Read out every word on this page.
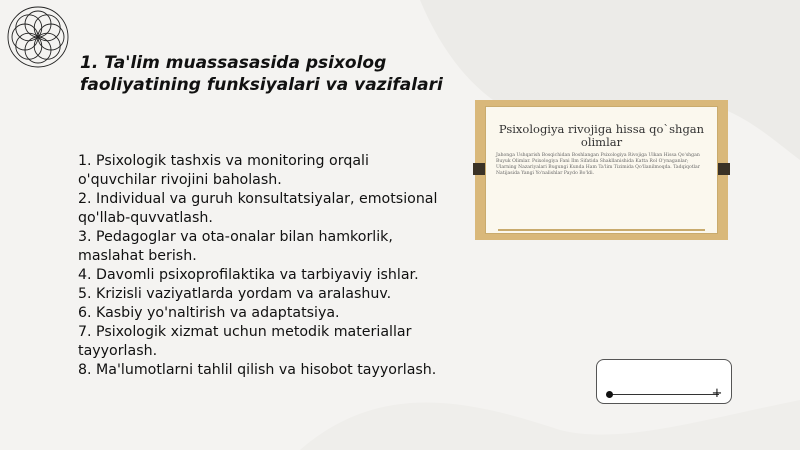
1. Ta'lim muassasasida psixolog faoliyatining funksiyalari va vazifalari
1. Psixologik tashxis va monitoring orqali o'quvchilar rivojini baholash.
2. Individual va guruh konsultatsiyalar, emotsional qo'llab-quvvatlash.
3. Pedagoglar va ota-onalar bilan hamkorlik, maslahat berish.
4. Davomli psixoprofilaktika va tarbiyaviy ishlar.
5. Krizisli vaziyatlarda yordam va aralashuv.
6. Kasbiy yo'naltirish va adaptatsiya.
7. Psixologik xizmat uchun metodik materiallar tayyorlash.
8. Ma'lumotlarni tahlil qilish va hisobot tayyorlash.
Psixologiya rivojiga hissa qo`shgan olimlar
Jahonga Ushqarish Bosqichidan Boshlangan Psixologiya Rivojiga Ulkan Hissa Qo'shgan Buyuk Olimlar. Psixologiya Fani Ilm Sifatida Shakllanishida Katta Rol O'ynaganlar; Ularning Nazariyalari Bugungi Kunda Ham Ta'lim Tizimida Qo'llanilmoqda. Tadqiqotlar Natijasida Yangi Yo'nalishlar Paydo Bo'ldi.
+
